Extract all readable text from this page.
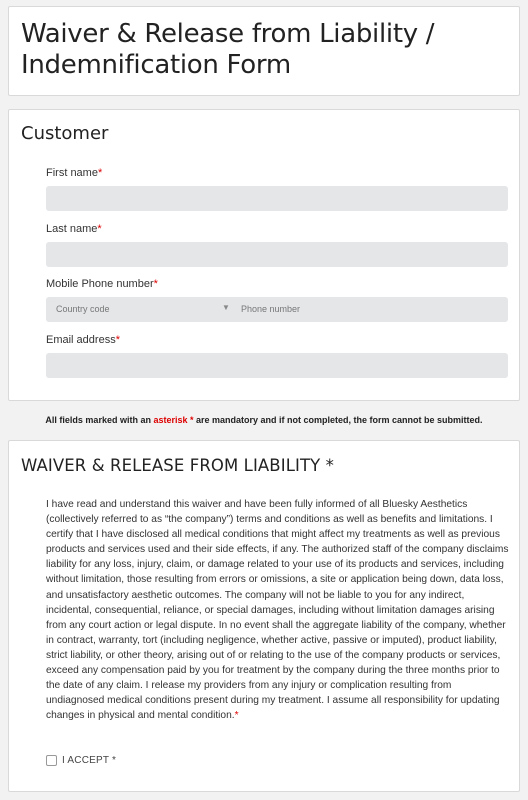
Waiver & Release from Liability / Indemnification Form
Customer
First name*
Last name*
Mobile Phone number*
Country code	▼ Phone number
Email address*
All fields marked with an asterisk * are mandatory and if not completed, the form cannot be submitted.
WAIVER & RELEASE FROM LIABILITY *
I have read and understand this waiver and have been fully informed of all Bluesky Aesthetics (collectively referred to as “the company”) terms and conditions as well as benefits and limitations. I certify that I have disclosed all medical conditions that might affect my treatments as well as previous products and services used and their side effects, if any. The authorized staff of the company disclaims liability for any loss, injury, claim, or damage related to your use of its products and services, including without limitation, those resulting from errors or omissions, a site or application being down, data loss, and unsatisfactory aesthetic outcomes. The company will not be liable to you for any indirect, incidental, consequential, reliance, or special damages, including without limitation damages arising from any court action or legal dispute. In no event shall the aggregate liability of the company, whether in contract, warranty, tort (including negligence, whether active, passive or imputed), product liability, strict liability, or other theory, arising out of or relating to the use of the company products or services, exceed any compensation paid by you for treatment by the company during the three months prior to the date of any claim. I release my providers from any injury or complication resulting from undiagnosed medical conditions present during my treatment. I assume all responsibility for updating changes in physical and mental condition.*
I ACCEPT *
